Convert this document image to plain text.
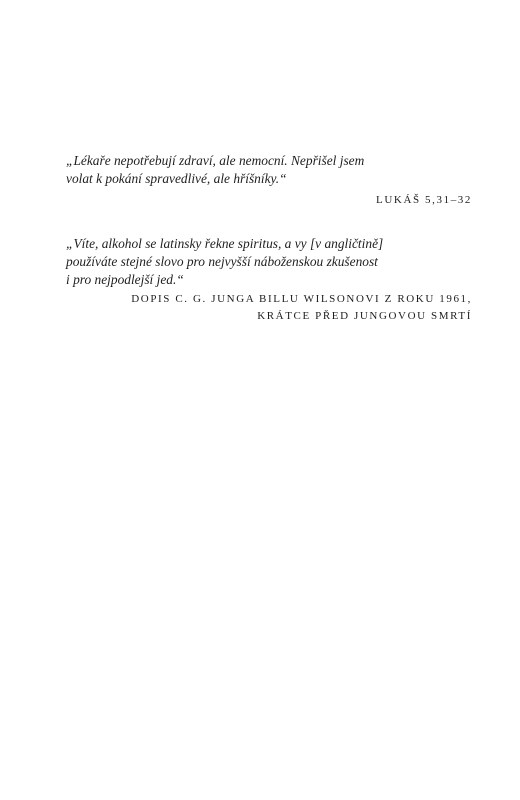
„Lékaře nepotřebují zdraví, ale nemocní. Nepřišel jsem
volat k pokání spravedlivé, ale hříšníky.“

LUKÁŠ 5,31–32

„Víte, alkohol se latinsky řekne spiritus, a vy [v angličtině]
používáte stejné slovo pro nejvyšší náboženskou zkušenost
i pro nejpodlejší jed.“

DOPIS C. G. JUNGA BILLU WILSONOVI Z ROKU 1961,
KRÁTCE PŘED JUNGOVOU SMRTÍ
